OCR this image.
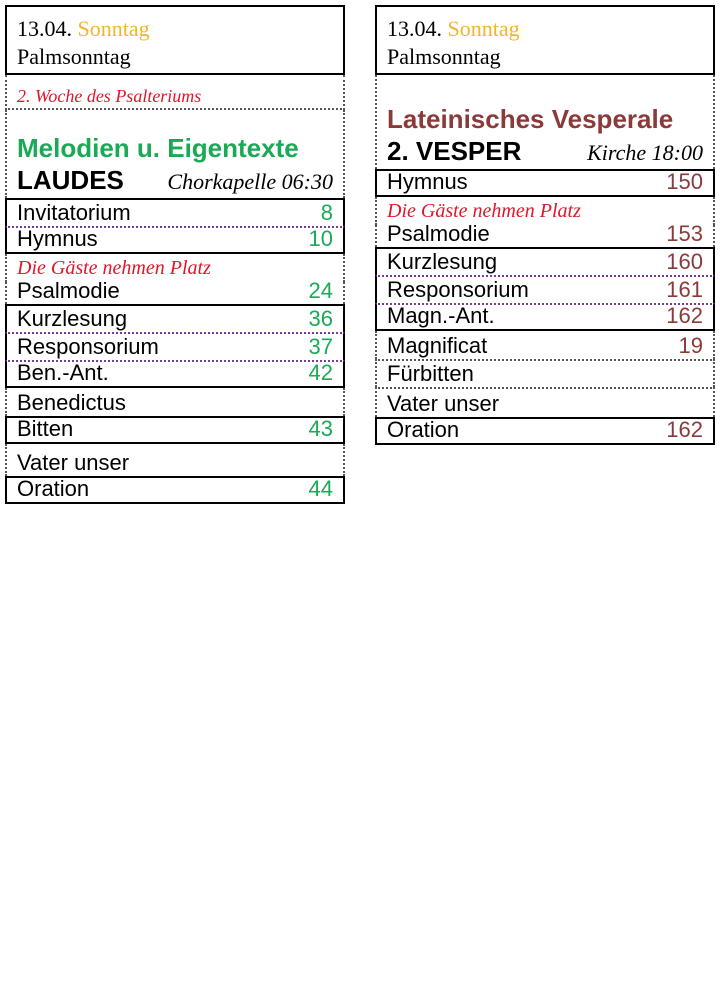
13.04. Sonntag
Palmsonntag
2. Woche des Psalteriums
Melodien u. Eigentexte
LAUDES Chorkapelle 06:30
Invitatorium	8
Hymnus	10
Die Gäste nehmen Platz
Psalmodie	24
Kurzlesung	36
Responsorium	37
Ben.-Ant.	42
Benedictus
Bitten	43
Vater unser
Oration	44
13.04. Sonntag
Palmsonntag
Lateinisches Vesperale
2. VESPER	Kirche 18:00
Hymnus	150
Die Gäste nehmen Platz
Psalmodie	153
Kurzlesung	160
Responsorium	161
Magn.-Ant.	162
Magnificat	19
Fürbitten
Vater unser
Oration	162
